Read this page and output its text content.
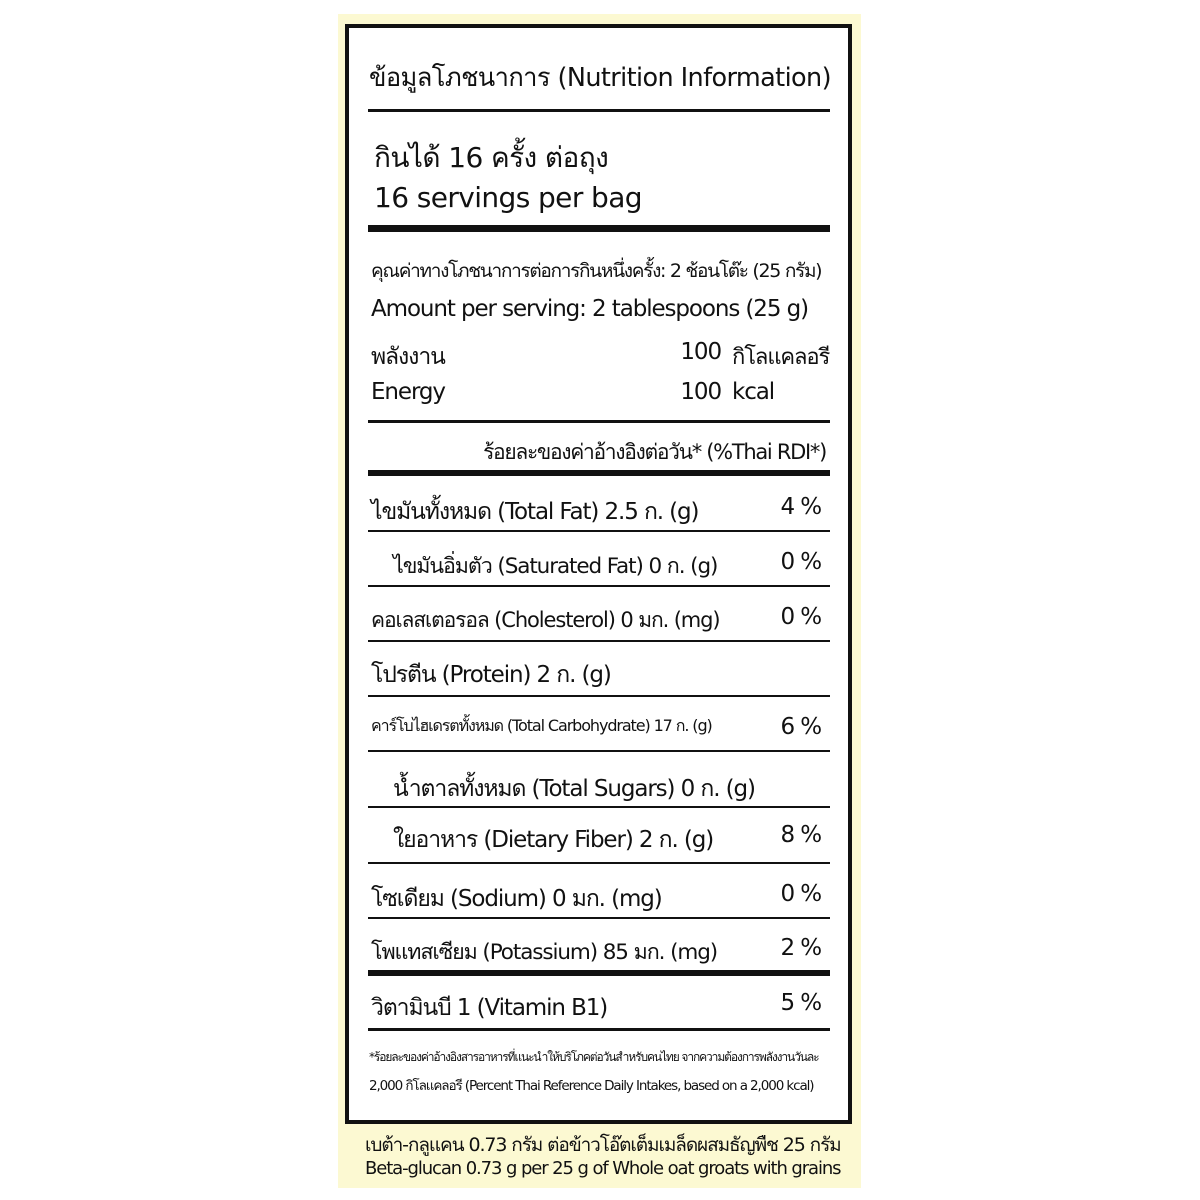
ข้อมูลโภชนาการ (Nutrition Information)
กินได้ 16 ครั้ง ต่อถุง
16 servings per bag
คุณค่าทางโภชนาการต่อการกินหนึ่งครั้ง: 2 ช้อนโต๊ะ (25 กรัม)
Amount per serving: 2 tablespoons (25 g)
พลังงาน	100 กิโลแคลอรี
Energy	100 kcal
ร้อยละของค่าอ้างอิงต่อวัน* (%Thai RDI*)
ไขมันทั้งหมด (Total Fat) 2.5 ก. (g)	4 %
ไขมันอิ่มตัว (Saturated Fat) 0 ก. (g)	0 %
คอเลสเตอรอล (Cholesterol) 0 มก. (mg)	0 %
โปรตีน (Protein) 2 ก. (g)
คาร์โบไฮเดรตทั้งหมด (Total Carbohydrate) 17 ก. (g)	6 %
น้ำตาลทั้งหมด (Total Sugars) 0 ก. (g)
ใยอาหาร (Dietary Fiber) 2 ก. (g)	8 %
โซเดียม (Sodium) 0 มก. (mg)	0 %
โพแทสเซียม (Potassium) 85 มก. (mg)	2 %
วิตามินบี 1 (Vitamin B1)	5 %
*ร้อยละของค่าอ้างอิงสารอาหารที่แนะนำให้บริโภคต่อวันสำหรับคนไทย จากความต้องการพลังงานวันละ
2,000 กิโลแคลอรี (Percent Thai Reference Daily Intakes, based on a 2,000 kcal)
เบต้า-กลูแคน 0.73 กรัม ต่อข้าวโอ๊ตเต็มเมล็ดผสมธัญพืช 25 กรัม
Beta-glucan 0.73 g per 25 g of Whole oat groats with grains
